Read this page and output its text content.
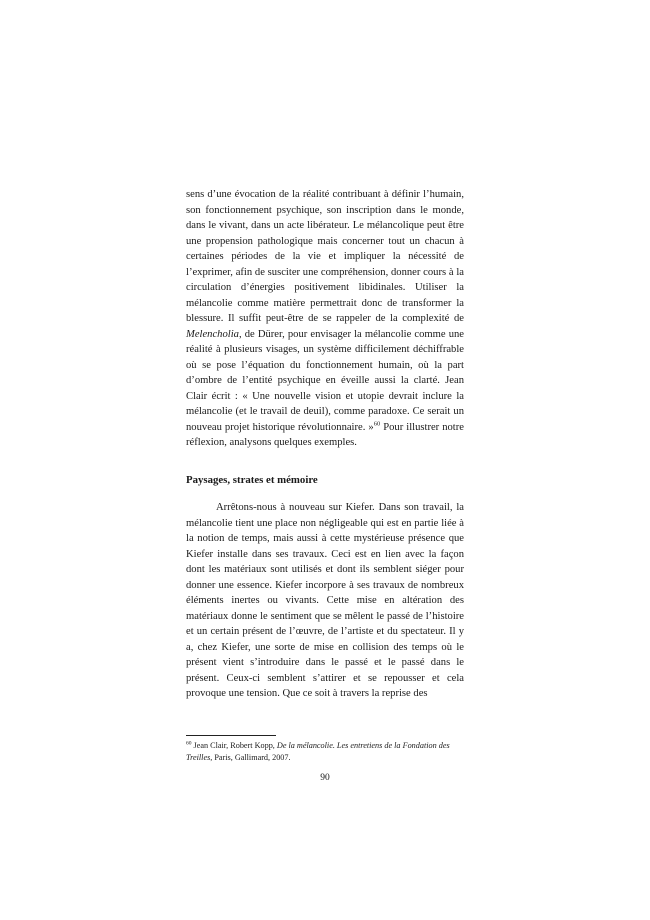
sens d’une évocation de la réalité contribuant à définir l’humain, son fonctionnement psychique, son inscription dans le monde, dans le vivant, dans un acte libérateur. Le mélancolique peut être une propension pathologique mais concerner tout un chacun à certaines périodes de la vie et impliquer la nécessité de l’exprimer, afin de susciter une compréhension, donner cours à la circulation d’énergies positivement libidinales. Utiliser la mélancolie comme matière permettrait donc de transformer la blessure. Il suffit peut-être de se rappeler de la complexité de Melencholia, de Dürer, pour envisager la mélancolie comme une réalité à plusieurs visages, un système difficilement déchiffrable où se pose l’équation du fonctionnement humain, où la part d’ombre de l’entité psychique en éveille aussi la clarté. Jean Clair écrit : « Une nouvelle vision et utopie devrait inclure la mélancolie (et le travail de deuil), comme paradoxe. Ce serait un nouveau projet historique révolutionnaire. »$^{60}$ Pour illustrer notre réflexion, analysons quelques exemples.

Paysages, strates et mémoire

Arrêtons-nous à nouveau sur Kiefer. Dans son travail, la mélancolie tient une place non négligeable qui est en partie liée à la notion de temps, mais aussi à cette mystérieuse présence que Kiefer installe dans ses travaux. Ceci est en lien avec la façon dont les matériaux sont utilisés et dont ils semblent siéger pour donner une essence. Kiefer incorpore à ses travaux de nombreux éléments inertes ou vivants. Cette mise en altération des matériaux donne le sentiment que se mêlent le passé de l’histoire et un certain présent de l’œuvre, de l’artiste et du spectateur. Il y a, chez Kiefer, une sorte de mise en collision des temps où le présent vient s’introduire dans le passé et le passé dans le présent. Ceux-ci semblent s’attirer et se repousser et cela provoque une tension. Que ce soit à travers la reprise des

$^{60}$ Jean Clair, Robert Kopp, De la mélancolie. Les entretiens de la Fondation des Treilles, Paris, Gallimard, 2007.
90
